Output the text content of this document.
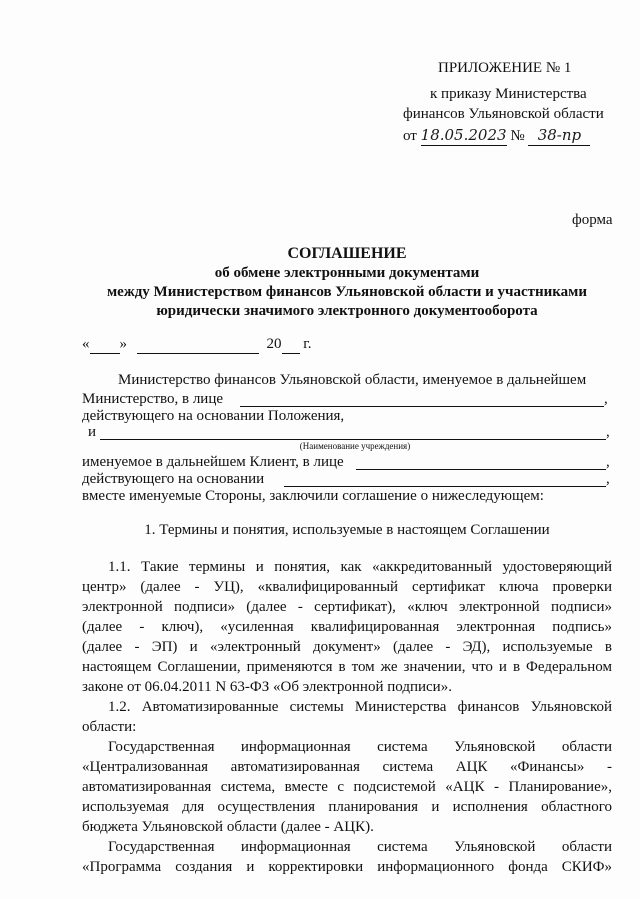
ПРИЛОЖЕНИЕ № 1
к приказу Министерства
финансов Ульяновской области
от 18.05.2023 № 38-пр
форма
СОГЛАШЕНИЕ
об обмене электронными документами
между Министерством финансов Ульяновской области и участниками
юридически значимого электронного документооборота
« »	20 г.
Министерство финансов Ульяновской области, именуемое в дальнейшем
Министерство, в лице	,
действующего на основании Положения,
и	,
(Наименование учреждения)
именуемое в дальнейшем Клиент, в лице	,
действующего на основании	,
вместе именуемые Стороны, заключили соглашение о нижеследующем:
1. Термины и понятия, используемые в настоящем Соглашении
1.1. Такие термины и понятия, как «аккредитованный удостоверяющий
центр» (далее - УЦ), «квалифицированный сертификат ключа проверки
электронной подписи» (далее - сертификат), «ключ электронной подписи»
(далее - ключ), «усиленная квалифицированная электронная подпись»
(далее - ЭП) и «электронный документ» (далее - ЭД), используемые в
настоящем Соглашении, применяются в том же значении, что и в Федеральном
законе от 06.04.2011 N 63-ФЗ «Об электронной подписи».
1.2. Автоматизированные системы Министерства финансов Ульяновской
области:
Государственная информационная система Ульяновской области
«Централизованная автоматизированная система АЦК «Финансы» -
автоматизированная система, вместе с подсистемой «АЦК - Планирование»,
используемая для осуществления планирования и исполнения областного
бюджета Ульяновской области (далее - АЦК).
Государственная информационная система Ульяновской области
«Программа создания и корректировки информационного фонда СКИФ»
